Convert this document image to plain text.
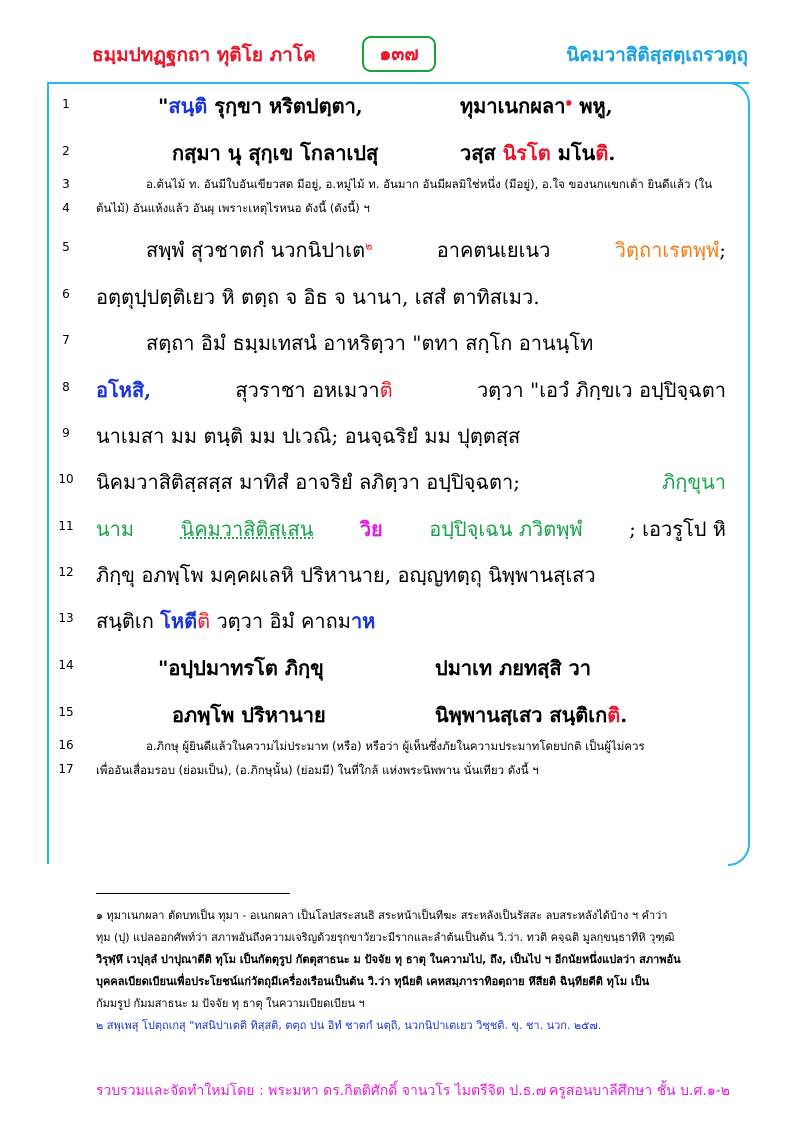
ธมฺมปทฏฺฐกถา ทุติโย ภาโค	๑๓๗	นิคมวาสิติสฺสตฺเถรวตฺถุ
1
2
3
4
5
6
7
8
9
10
11
12
13
14
15
16
17
"สนฺติ รุกฺขา หริตปตฺตา,	ทุมาเนกผลา$^๑$ พหู,
กสฺมา นุ สุกฺเข โกลาเปสุ	วสฺส นิรโต มโนติ.
อ.ต้นไม้ ท. อันมีใบอันเขียวสด มีอยู่, อ.หมู่ไม้ ท. อันมาก อันมีผลมิใช่หนึ่ง (มีอยู่), อ.ใจ ของนกแขกเต้า ยินดีแล้ว (ใน
ต้นไม้) อันแห้งแล้ว อันผุ เพราะเหตุไรหนอ ดังนี้ (ดังนี้) ฯ
สพฺพํ สุวชาตกํ นวกนิปาเต$^๒$	อาคตนเยเนว	วิตฺถาเรตพฺพํ;
อตฺตุปฺปตฺติเยว หิ ตตฺถ จ อิธ จ นานา, เสสํ ตาทิสเมว.
สตฺถา อิมํ ธมฺมเทสนํ อาหริตฺวา "ตทา สกฺโก อานนฺโท
อโหสิ,	สุวราชา อหเมวาติ	วตฺวา "เอวํ ภิกฺขเว อปฺปิจฺฉตา
นาเมสา มม ตนฺติ มม ปเวณิ; อนจฺฉริยํ มม ปุตฺตสฺส
นิคมวาสิติสฺสสฺส มาทิสํ อาจริยํ ลภิตฺวา อปฺปิจฺฉตา;	ภิกฺขุนา
นาม นิคมวาสิติสฺเสน วิย อปฺปิจฺเฉน ภวิตพฺพํ ; เอวรูโป หิ
ภิกฺขุ อภพฺโพ มคฺคผเลหิ ปริหานาย, อญฺญทตฺถุ นิพฺพานสฺเสว
สนฺติเก โหตีติ วตฺวา อิมํ คาถมาห
"อปฺปมาทรโต ภิกฺขุ	ปมาเท ภยทสฺสิ วา
อภพฺโพ ปริหานาย	นิพฺพานสฺเสว สนฺติเกติ.
อ.ภิกษุ ผู้ยินดีแล้วในความไม่ประมาท (หรือ) หรือว่า ผู้เห็นซึ่งภัยในความประมาทโดยปกติ เป็นผู้ไม่ควร
เพื่ออันเสื่อมรอบ (ย่อมเป็น), (อ.ภิกษุนั้น) (ย่อมมี) ในที่ใกล้ แห่งพระนิพพาน นั่นเทียว ดังนี้ ฯ
๑ ทุมาเนกผลา ตัดบทเป็น ทุมา - อเนกผลา เป็นโลปสระสนธิ สระหน้าเป็นทีฆะ สระหลังเป็นรัสสะ ลบสระหลังได้บ้าง ฯ คำว่า
ทุม (ปุ) แปลออกศัพท์ว่า สภาพอันถึงความเจริญด้วยรุกขาวัยวะมีรากและลำต้นเป็นต้น วิ.ว่า. ทวติ คจฺฉติ มูลกฺขนฺธาทีหิ วุฑฺฒิ
วิรุฬฺหึ เวปุลฺลํ ปาปุณาตีติ ทุโม เป็นกัตตุรูป กัตตุสาธนะ ม ปัจจัย ทุ ธาตุ ในความไป, ถึง, เป็นไป ฯ อีกนัยหนึ่งแปลว่า สภาพอัน
บุคคลเบียดเบียนเพื่อประโยชน์แก่วัตถุมีเครื่องเรือนเป็นต้น วิ.ว่า ทุนียติ เคหสมฺภาราทิอตฺถาย หึสียติ ฉินฺทียตีติ ทุโม เป็น
กัมมรูป กัมมสาธนะ ม ปัจจัย ทุ ธาตุ ในความเบียดเบียน ฯ
๒ สพฺเพสุ โปตฺถเกสุ "ทสนิปาเตติ ทิสฺสติ, ตตฺถ ปน อิทํ ชาตกํ นตฺถิ, นวกนิปาเตเยว วิชฺชติ. ขุ. ชา. นวก. ๒๕๗.
รวบรวมและจัดทำใหม่โดย : พระมหา ดร.กิตติศักดิ์ จานวโร ไมตรีจิต ป.ธ.๗ ครูสอนบาลีศึกษา ชั้น บ.ศ.๑-๒
